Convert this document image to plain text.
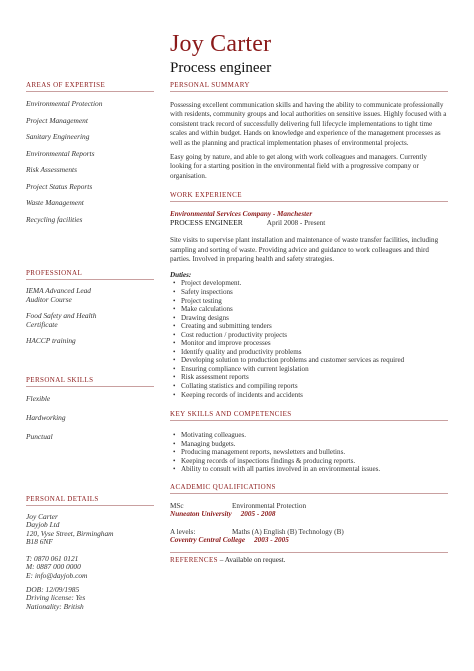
Joy Carter
Process engineer
AREAS OF EXPERTISE
Environmental Protection
Project Management
Sanitary Engineering
Environmental Reports
Risk Assessments
Project Status Reports
Waste Management
Recycling facilities
PROFESSIONAL
IEMA Advanced Lead
Auditor Course
Food Safety and Health
Certificate
HACCP training
PERSONAL SKILLS
Flexible
Hardworking
Punctual
PERSONAL DETAILS
Joy Carter
Dayjob Ltd
120, Vyse Street, Birmingham
B18 6NF
T: 0870 061 0121
M: 0887 000 0000
E: info@dayjob.com
DOB: 12/09/1985
Driving license: Yes
Nationality: British
PERSONAL SUMMARY

Possessing excellent communication skills and having the ability to communicate professionally with residents, community groups and local authorities on sensitive issues. Highly focused with a consistent track record of successfully delivering full lifecycle implementations to tight time scales and within budget. Hands on knowledge and experience of the management processes as well as the planning and practical implementation phases of environmental projects.

Easy going by nature, and able to get along with work colleagues and managers. Currently looking for a starting position in the environmental field with a progressive company or organisation.

WORK EXPERIENCE
Environmental Services Company - Manchester
PROCESS ENGINEER	April 2008 - Present

Site visits to supervise plant installation and maintenance of waste transfer facilities, including sampling and sorting of waste. Providing advice and guidance to work colleagues and third parties. Involved in preparing health and safety strategies.

Duties:
• Project development.
• Safety inspections
• Project testing
• Make calculations
• Drawing designs
• Creating and submitting tenders
• Cost reduction / productivity projects
• Monitor and improve processes
• Identify quality and productivity problems
• Developing solution to production problems and customer services as required
• Ensuring compliance with current legislation
• Risk assessment reports
• Collating statistics and compiling reports
• Keeping records of incidents and accidents
KEY SKILLS AND COMPETENCIES
• Motivating colleagues.
• Managing budgets.
• Producing management reports, newsletters and bulletins.
• Keeping records of inspections findings & producing reports.
• Ability to consult with all parties involved in an environmental issues.
ACADEMIC QUALIFICATIONS
MSc	Environmental Protection
Nuneaton University 2005 - 2008
A levels:	Maths (A) English (B) Technology (B)
Coventry Central College 2003 - 2005
REFERENCES – Available on request.
